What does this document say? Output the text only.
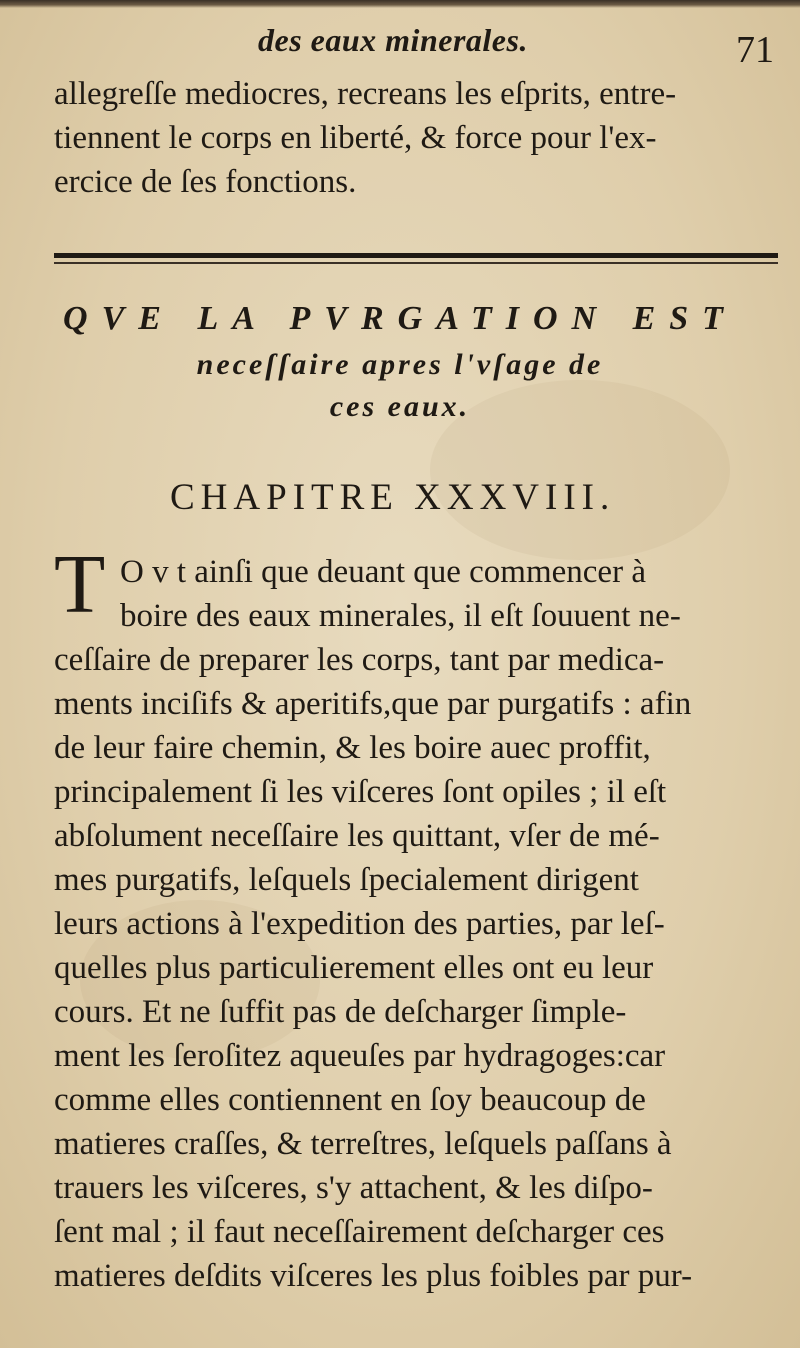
des eaux minerales.	71
allegreſſe mediocres, recreans les eſprits, entre-
tiennent le corps en liberté, & force pour l'ex-
ercice de ſes fonctions.
QVE LA PVRGATION EST
neceſſaire apres l'vſage de
ces eaux.
CHAPITRE XXXVIII.
T O v t ainſi que deuant que commencer à
boire des eaux minerales, il eſt ſouuent ne-
ceſſaire de preparer les corps, tant par medica-
ments inciſifs & aperitifs,que par purgatifs : afin
de leur faire chemin, & les boire auec proffit,
principalement ſi les viſceres ſont opiles ; il eſt
abſolument neceſſaire les quittant, vſer de mé-
mes purgatifs, leſquels ſpecialement dirigent
leurs actions à l'expedition des parties, par leſ-
quelles plus particulierement elles ont eu leur
cours. Et ne ſuffit pas de deſcharger ſimple-
ment les ſeroſitez aqueuſes par hydragoges:car
comme elles contiennent en ſoy beaucoup de
matieres craſſes, & terreſtres, leſquels paſſans à
trauers les viſceres, s'y attachent, & les diſpo-
ſent mal ; il faut neceſſairement deſcharger ces
matieres deſdits viſceres les plus foibles par pur-
